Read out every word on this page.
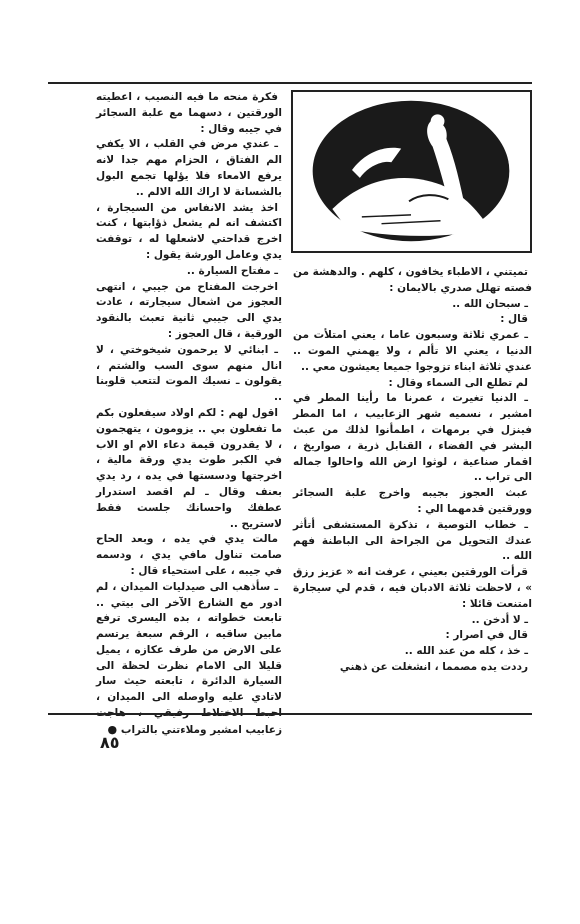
تميتني ، الاطباء يخافون ، كلهم . والدهشة من فصته تهلل صدري بالايمان :

ـ سبحان الله ..

قال :

ـ عمري ثلاثة وسبعون عاما ، يعني امتلأت من الدنيا ، يعني الا تألم ، ولا يهمني الموت .. عندي ثلاثة ابناء تزوجوا جميعا يعيشون معي ..

لم تطلع الى السماء وقال :

ـ الدنيا تغيرت ، عمرنا ما رأينا المطر في امشير ، نسميه شهر الزعابيب ، اما المطر فينزل في برمهات ، اطمأنوا لذلك من عبث البشر في الفضاء ، القنابل ذرية ، صواريخ ، اقمار صناعية ، لوثوا ارض الله واحالوا جماله الى تراب ..

عبث العجوز بجيبه واخرج علبة السجائر وورقتين قدمهما الي :

ـ خطاب التوصية ، تذكرة المستشفى أتأثر عندك التحويل من الجراحة الى الباطنة فهم الله ..

قرأت الورقتين بعيني ، عرفت انه « عزيز رزق » ، لاحظت ثلاثة الادبان فيه ، قدم لي سيجارة امتنعت قائلا :

ـ لا أدخن ..

قال في اصرار :

ـ خذ ، كله من عند الله ..

رددت يده مصمما ، انشغلت عن ذهني

فكرة منحه ما فيه النصيب ، اعطيته الورقتين ، دسهما مع علبة السجائر في جيبه وقال :

ـ عندي مرض في القلب ، الا يكفي الم الفتاق ، الحزام مهم جدا لانه يرفع الامعاء فلا يؤلها تجمع البول بالشسانة لا اراك الله الالم ..

اخذ يشد الانفاس من السيجارة ، اكتشف انه لم يشعل ذؤابتها ، كنت اخرج قداحتي لاشعلها له ، توقفت يدي وعامل الورشة يقول :

ـ مفتاح السيارة ..

اخرجت المفتاح من جيبي ، انتهى العجوز من اشعال سيجارته ، عادت يدي الى جيبي ثانية تعبث بالنقود الورقية ، قال العجوز :

ـ ابنائي لا يرحمون شيخوختي ، لا انال منهم سوى السب والشتم ، يقولون ـ نسيك الموت لتتعب قلوبنا ..

اقول لهم : لكم اولاد سيفعلون بكم ما تفعلون بي .. يزومون ، يتهجمون ، لا يقدرون قيمة دعاء الام او الاب في الكبر طوت يدي ورقة مالية ، اخرجتها ودسستها في يده ، رد يدي بعنف وقال ـ لم اقصد استدرار عطفك واحسانك جلست فقط لاستريح ..

مالت يدي في يده ، وبعد الحاح صامت تناول مافي يدي ، ودسمه في جيبه ، على استحياء قال :

ـ سأذهب الى صيدليات الميدان ، لم ادور مع الشارع الآخر الى بيتي .. تابعت خطواته ، بده اليسرى ترفع مابين ساقيه ، الرقم سبعة يرتسم على الارض من طرف عكازه ، يميل قليلا الى الامام نظرت لحظة الى السيارة الدائرة ، تابعته حيث سار لاتادي عليه واوصله الى الميدان ، زعابيب امشير وملاءتني بالتراب ●

٨٥
